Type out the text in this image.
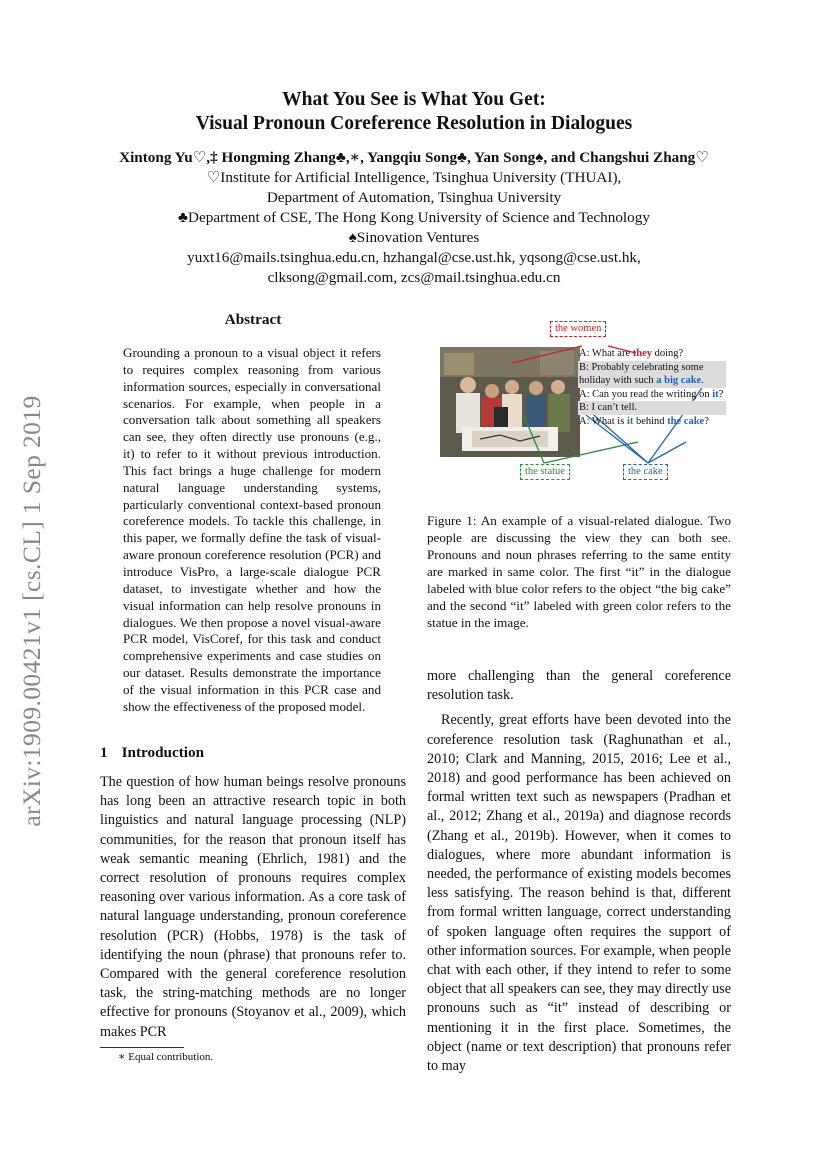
What You See is What You Get:
Visual Pronoun Coreference Resolution in Dialogues
Xintong Yu♡,‡ Hongming Zhang♣,∗, Yangqiu Song♣, Yan Song♠, and Changshui Zhang♡
♡Institute for Artificial Intelligence, Tsinghua University (THUAI),
Department of Automation, Tsinghua University
♣Department of CSE, The Hong Kong University of Science and Technology
♠Sinovation Ventures
yuxt16@mails.tsinghua.edu.cn, hzhangal@cse.ust.hk, yqsong@cse.ust.hk,
clksong@gmail.com, zcs@mail.tsinghua.edu.cn
arXiv:1909.00421v1 [cs.CL] 1 Sep 2019
Abstract
Grounding a pronoun to a visual object it refers to requires complex reasoning from various information sources, especially in conversational scenarios. For example, when people in a conversation talk about something all speakers can see, they often directly use pronouns (e.g., it) to refer to it without previous introduction. This fact brings a huge challenge for modern natural language understanding systems, particularly conventional context-based pronoun coreference models. To tackle this challenge, in this paper, we formally define the task of visual-aware pronoun coreference resolution (PCR) and introduce VisPro, a large-scale dialogue PCR dataset, to investigate whether and how the visual information can help resolve pronouns in dialogues. We then propose a novel visual-aware PCR model, VisCoref, for this task and conduct comprehensive experiments and case studies on our dataset. Results demonstrate the importance of the visual information in this PCR case and show the effectiveness of the proposed model.
1 Introduction
The question of how human beings resolve pronouns has long been an attractive research topic in both linguistics and natural language processing (NLP) communities, for the reason that pronoun itself has weak semantic meaning (Ehrlich, 1981) and the correct resolution of pronouns requires complex reasoning over various information. As a core task of natural language understanding, pronoun coreference resolution (PCR) (Hobbs, 1978) is the task of identifying the noun (phrase) that pronouns refer to. Compared with the general coreference resolution task, the string-matching methods are no longer effective for pronouns (Stoyanov et al., 2009), which makes PCR
∗ Equal contribution.
the women
A: What are they doing?
B: Probably celebrating some holiday with such a big cake.
A: Can you read the writing on it?
B: I can’t tell.
A: What is it behind the cake?
the statue	the cake
Figure 1: An example of a visual-related dialogue. Two people are discussing the view they can both see. Pronouns and noun phrases referring to the same entity are marked in same color. The first “it” in the dialogue labeled with blue color refers to the object “the big cake” and the second “it” labeled with green color refers to the statue in the image.

more challenging than the general coreference resolution task.

Recently, great efforts have been devoted into the coreference resolution task (Raghunathan et al., 2010; Clark and Manning, 2015, 2016; Lee et al., 2018) and good performance has been achieved on formal written text such as newspapers (Pradhan et al., 2012; Zhang et al., 2019a) and diagnose records (Zhang et al., 2019b). However, when it comes to dialogues, where more abundant information is needed, the performance of existing models becomes less satisfying. The reason behind is that, different from formal written language, correct understanding of spoken language often requires the support of other information sources. For example, when people chat with each other, if they intend to refer to some object that all speakers can see, they may directly use pronouns such as “it” instead of describing or mentioning it in the first place. Sometimes, the object (name or text description) that pronouns refer to may
